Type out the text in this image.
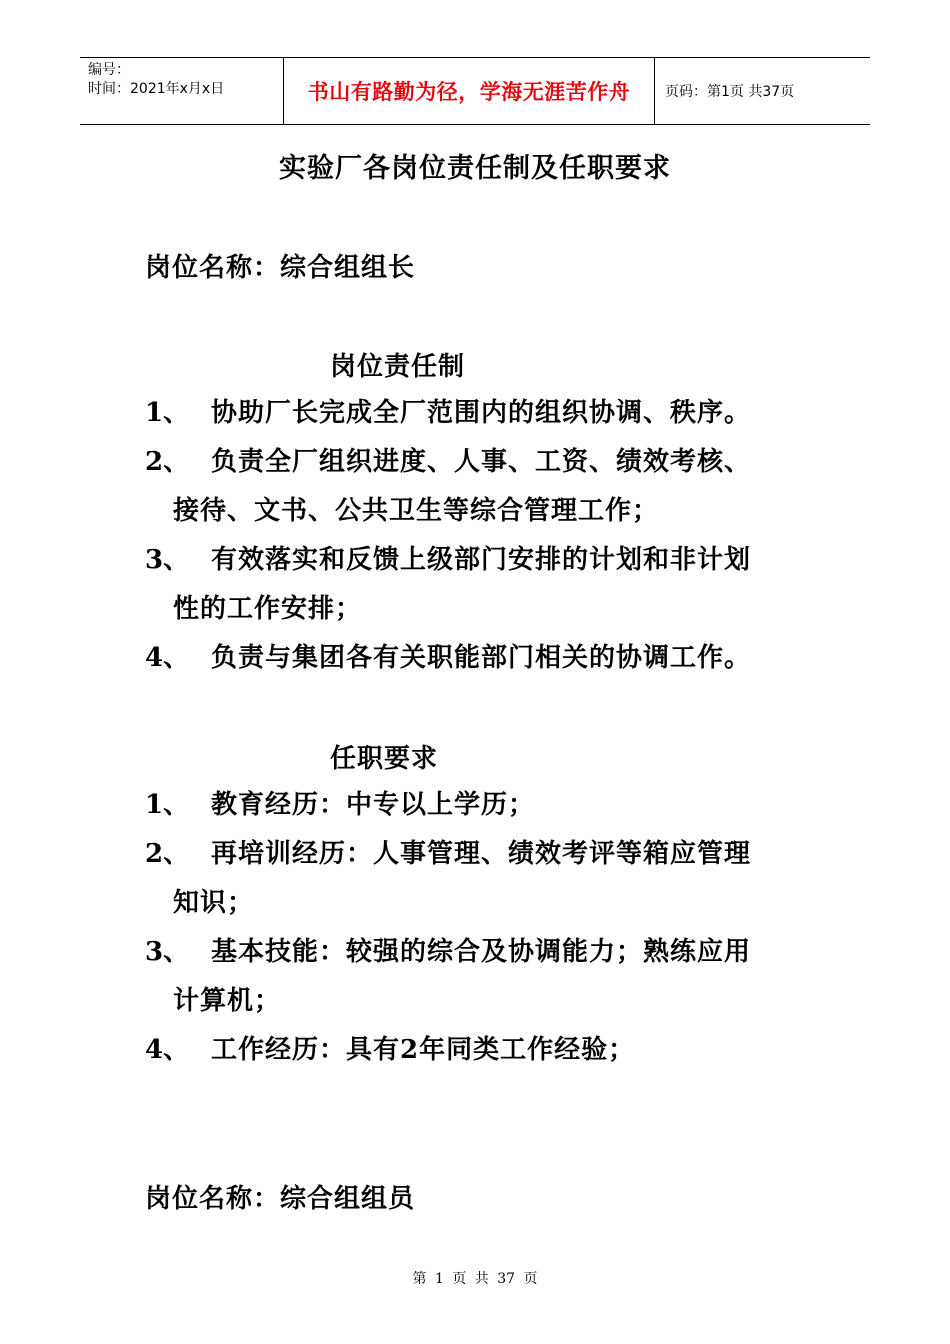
编号：
时间：2021年x月x日	书山有路勤为径，学海无涯苦作舟	页码：第1页 共37页
实验厂各岗位责任制及任职要求
岗位名称：综合组组长
岗位责任制
1、 协助厂长完成全厂范围内的组织协调、秩序。
2、 负责全厂组织进度、人事、工资、绩效考核、
接待、文书、公共卫生等综合管理工作；
3、 有效落实和反馈上级部门安排的计划和非计划
性的工作安排；
4、 负责与集团各有关职能部门相关的协调工作。
任职要求
1、 教育经历：中专以上学历；
2、 再培训经历：人事管理、绩效考评等箱应管理
知识；
3、 基本技能：较强的综合及协调能力；熟练应用
计算机；
4、 工作经历：具有2年同类工作经验；
岗位名称：综合组组员
第 1 页 共 37 页
